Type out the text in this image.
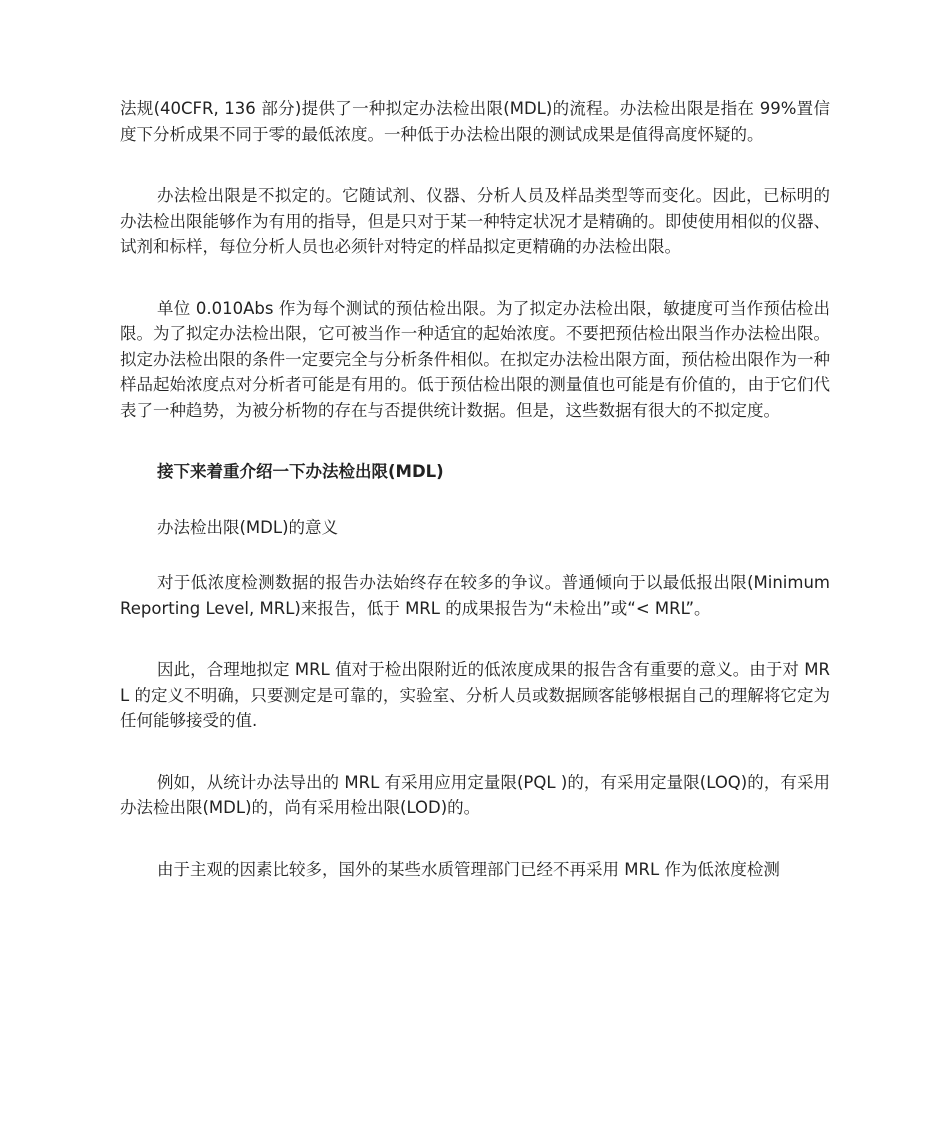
法规(40CFR, 136 部分)提供了一种拟定办法检出限(MDL)的流程。办法检出限是指在 99%置信度下分析成果不同于零的最低浓度。一种低于办法检出限的测试成果是值得高度怀疑的。

办法检出限是不拟定的。它随试剂、仪器、分析人员及样品类型等而变化。因此，已标明的办法检出限能够作为有用的指导，但是只对于某一种特定状况才是精确的。即使使用相似的仪器、试剂和标样，每位分析人员也必须针对特定的样品拟定更精确的办法检出限。

单位 0.010Abs 作为每个测试的预估检出限。为了拟定办法检出限，敏捷度可当作预估检出限。为了拟定办法检出限，它可被当作一种适宜的起始浓度。不要把预估检出限当作办法检出限。拟定办法检出限的条件一定要完全与分析条件相似。在拟定办法检出限方面，预估检出限作为一种样品起始浓度点对分析者可能是有用的。低于预估检出限的测量值也可能是有价值的，由于它们代表了一种趋势，为被分析物的存在与否提供统计数据。但是，这些数据有很大的不拟定度。

接下来着重介绍一下办法检出限(MDL)

办法检出限(MDL)的意义

对于低浓度检测数据的报告办法始终存在较多的争议。普通倾向于以最低报出限(Minimum Reporting Level, MRL)来报告，低于 MRL 的成果报告为“未检出”或“< MRL”。

因此，合理地拟定 MRL 值对于检出限附近的低浓度成果的报告含有重要的意义。由于对 MRL 的定义不明确，只要测定是可靠的，实验室、分析人员或数据顾客能够根据自己的理解将它定为任何能够接受的值.

例如，从统计办法导出的 MRL 有采用应用定量限(PQL )的，有采用定量限(LOQ)的，有采用办法检出限(MDL)的，尚有采用检出限(LOD)的。

由于主观的因素比较多，国外的某些水质管理部门已经不再采用 MRL 作为低浓度检测
